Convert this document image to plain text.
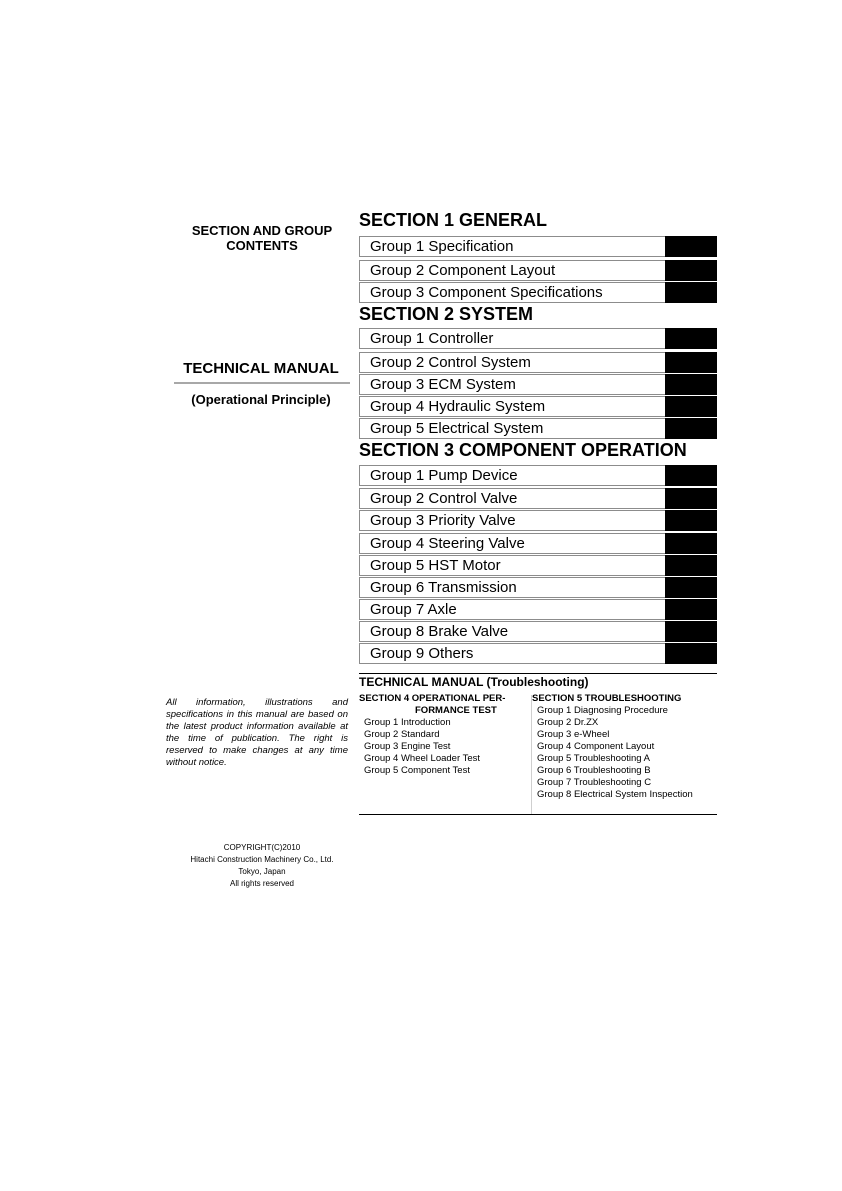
SECTION AND GROUP
CONTENTS
TECHNICAL MANUAL
(Operational Principle)
All information, illustrations and specifications in this manual are based on the latest product information available at the time of publication. The right is reserved to make changes at any time without notice.
COPYRIGHT(C)2010
Hitachi Construction Machinery Co., Ltd.
Tokyo, Japan
All rights reserved
SECTION 1 GENERAL
Group 1 Specification
Group 2 Component Layout
Group 3 Component Specifications
SECTION 2 SYSTEM
Group 1 Controller
Group 2 Control System
Group 3 ECM System
Group 4 Hydraulic System
Group 5 Electrical System
SECTION 3 COMPONENT OPERATION
Group 1 Pump Device
Group 2 Control Valve
Group 3 Priority Valve
Group 4 Steering Valve
Group 5 HST Motor
Group 6 Transmission
Group 7 Axle
Group 8 Brake Valve
Group 9 Others
TECHNICAL MANUAL (Troubleshooting)
SECTION 4 OPERATIONAL PER-
FORMANCE TEST
Group 1 Introduction
Group 2 Standard
Group 3 Engine Test
Group 4 Wheel Loader Test
Group 5 Component Test
SECTION 5 TROUBLESHOOTING
Group 1 Diagnosing Procedure
Group 2 Dr.ZX
Group 3 e-Wheel
Group 4 Component Layout
Group 5 Troubleshooting A
Group 6 Troubleshooting B
Group 7 Troubleshooting C
Group 8 Electrical System Inspection
